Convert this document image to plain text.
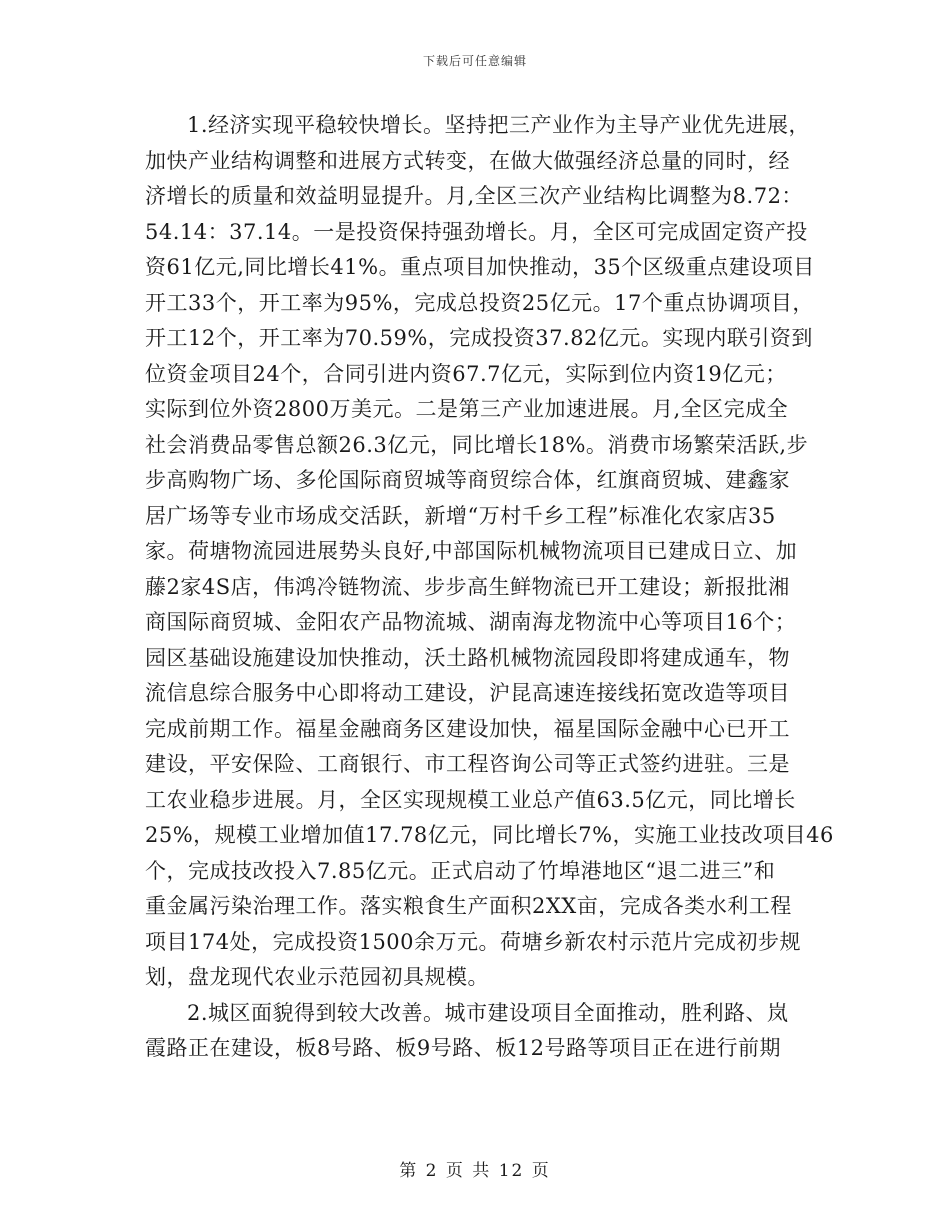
下载后可任意编辑
1.经济实现平稳较快增长。坚持把三产业作为主导产业优先进展，
加快产业结构调整和进展方式转变，在做大做强经济总量的同时，经
济增长的质量和效益明显提升。月,全区三次产业结构比调整为8.72：
54.14：37.14。一是投资保持强劲增长。月，全区可完成固定资产投
资61亿元,同比增长41%。重点项目加快推动，35个区级重点建设项目
开工33个，开工率为95%，完成总投资25亿元。17个重点协调项目，
开工12个，开工率为70.59%，完成投资37.82亿元。实现内联引资到
位资金项目24个，合同引进内资67.7亿元，实际到位内资19亿元；
实际到位外资2800万美元。二是第三产业加速进展。月,全区完成全
社会消费品零售总额26.3亿元，同比增长18%。消费市场繁荣活跃,步
步高购物广场、多伦国际商贸城等商贸综合体，红旗商贸城、建鑫家
居广场等专业市场成交活跃，新增“万村千乡工程”标准化农家店35
家。荷塘物流园进展势头良好,中部国际机械物流项目已建成日立、加
藤2家4S店，伟鸿冷链物流、步步高生鲜物流已开工建设；新报批湘
商国际商贸城、金阳农产品物流城、湖南海龙物流中心等项目16个；
园区基础设施建设加快推动，沃土路机械物流园段即将建成通车，物
流信息综合服务中心即将动工建设，沪昆高速连接线拓宽改造等项目
完成前期工作。福星金融商务区建设加快，福星国际金融中心已开工
建设，平安保险、工商银行、市工程咨询公司等正式签约进驻。三是
工农业稳步进展。月，全区实现规模工业总产值63.5亿元，同比增长
25%，规模工业增加值17.78亿元，同比增长7%，实施工业技改项目46
个，完成技改投入7.85亿元。正式启动了竹埠港地区“退二进三”和
重金属污染治理工作。落实粮食生产面积2XX亩，完成各类水利工程
项目174处，完成投资1500余万元。荷塘乡新农村示范片完成初步规
划，盘龙现代农业示范园初具规模。
2.城区面貌得到较大改善。城市建设项目全面推动，胜利路、岚
霞路正在建设，板8号路、板9号路、板12号路等项目正在进行前期
第 2 页 共 12 页
